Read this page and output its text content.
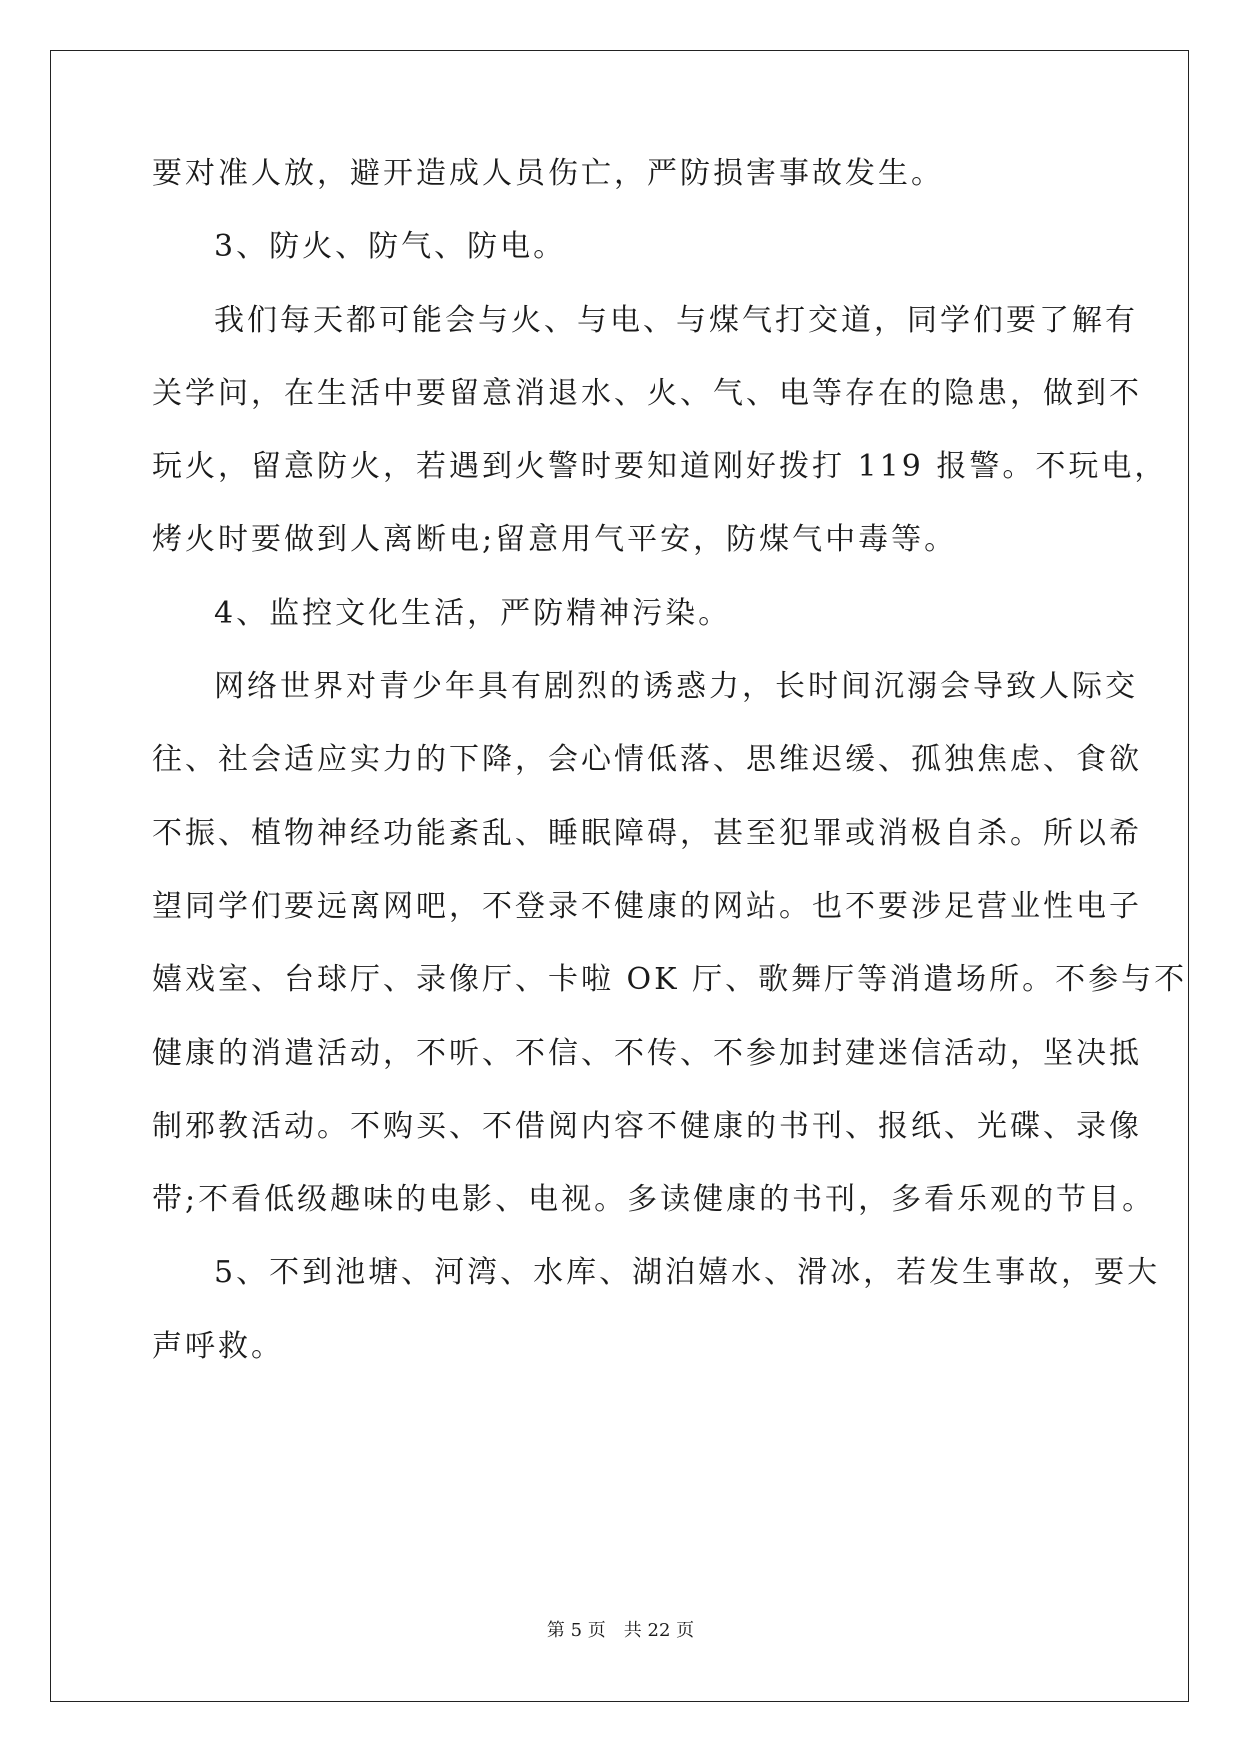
要对准人放，避开造成人员伤亡，严防损害事故发生。
3、防火、防气、防电。
我们每天都可能会与火、与电、与煤气打交道，同学们要了解有
关学问，在生活中要留意消退水、火、气、电等存在的隐患，做到不
玩火，留意防火，若遇到火警时要知道刚好拨打 119 报警。不玩电，
烤火时要做到人离断电;留意用气平安，防煤气中毒等。
4、监控文化生活，严防精神污染。
网络世界对青少年具有剧烈的诱惑力，长时间沉溺会导致人际交
往、社会适应实力的下降，会心情低落、思维迟缓、孤独焦虑、食欲
不振、植物神经功能紊乱、睡眠障碍，甚至犯罪或消极自杀。所以希
望同学们要远离网吧，不登录不健康的网站。也不要涉足营业性电子
嬉戏室、台球厅、录像厅、卡啦 OK 厅、歌舞厅等消遣场所。不参与不
健康的消遣活动，不听、不信、不传、不参加封建迷信活动，坚决抵
制邪教活动。不购买、不借阅内容不健康的书刊、报纸、光碟、录像
带;不看低级趣味的电影、电视。多读健康的书刊，多看乐观的节目。
5、不到池塘、河湾、水库、湖泊嬉水、滑冰，若发生事故，要大
声呼救。
第 5 页 共 22 页
